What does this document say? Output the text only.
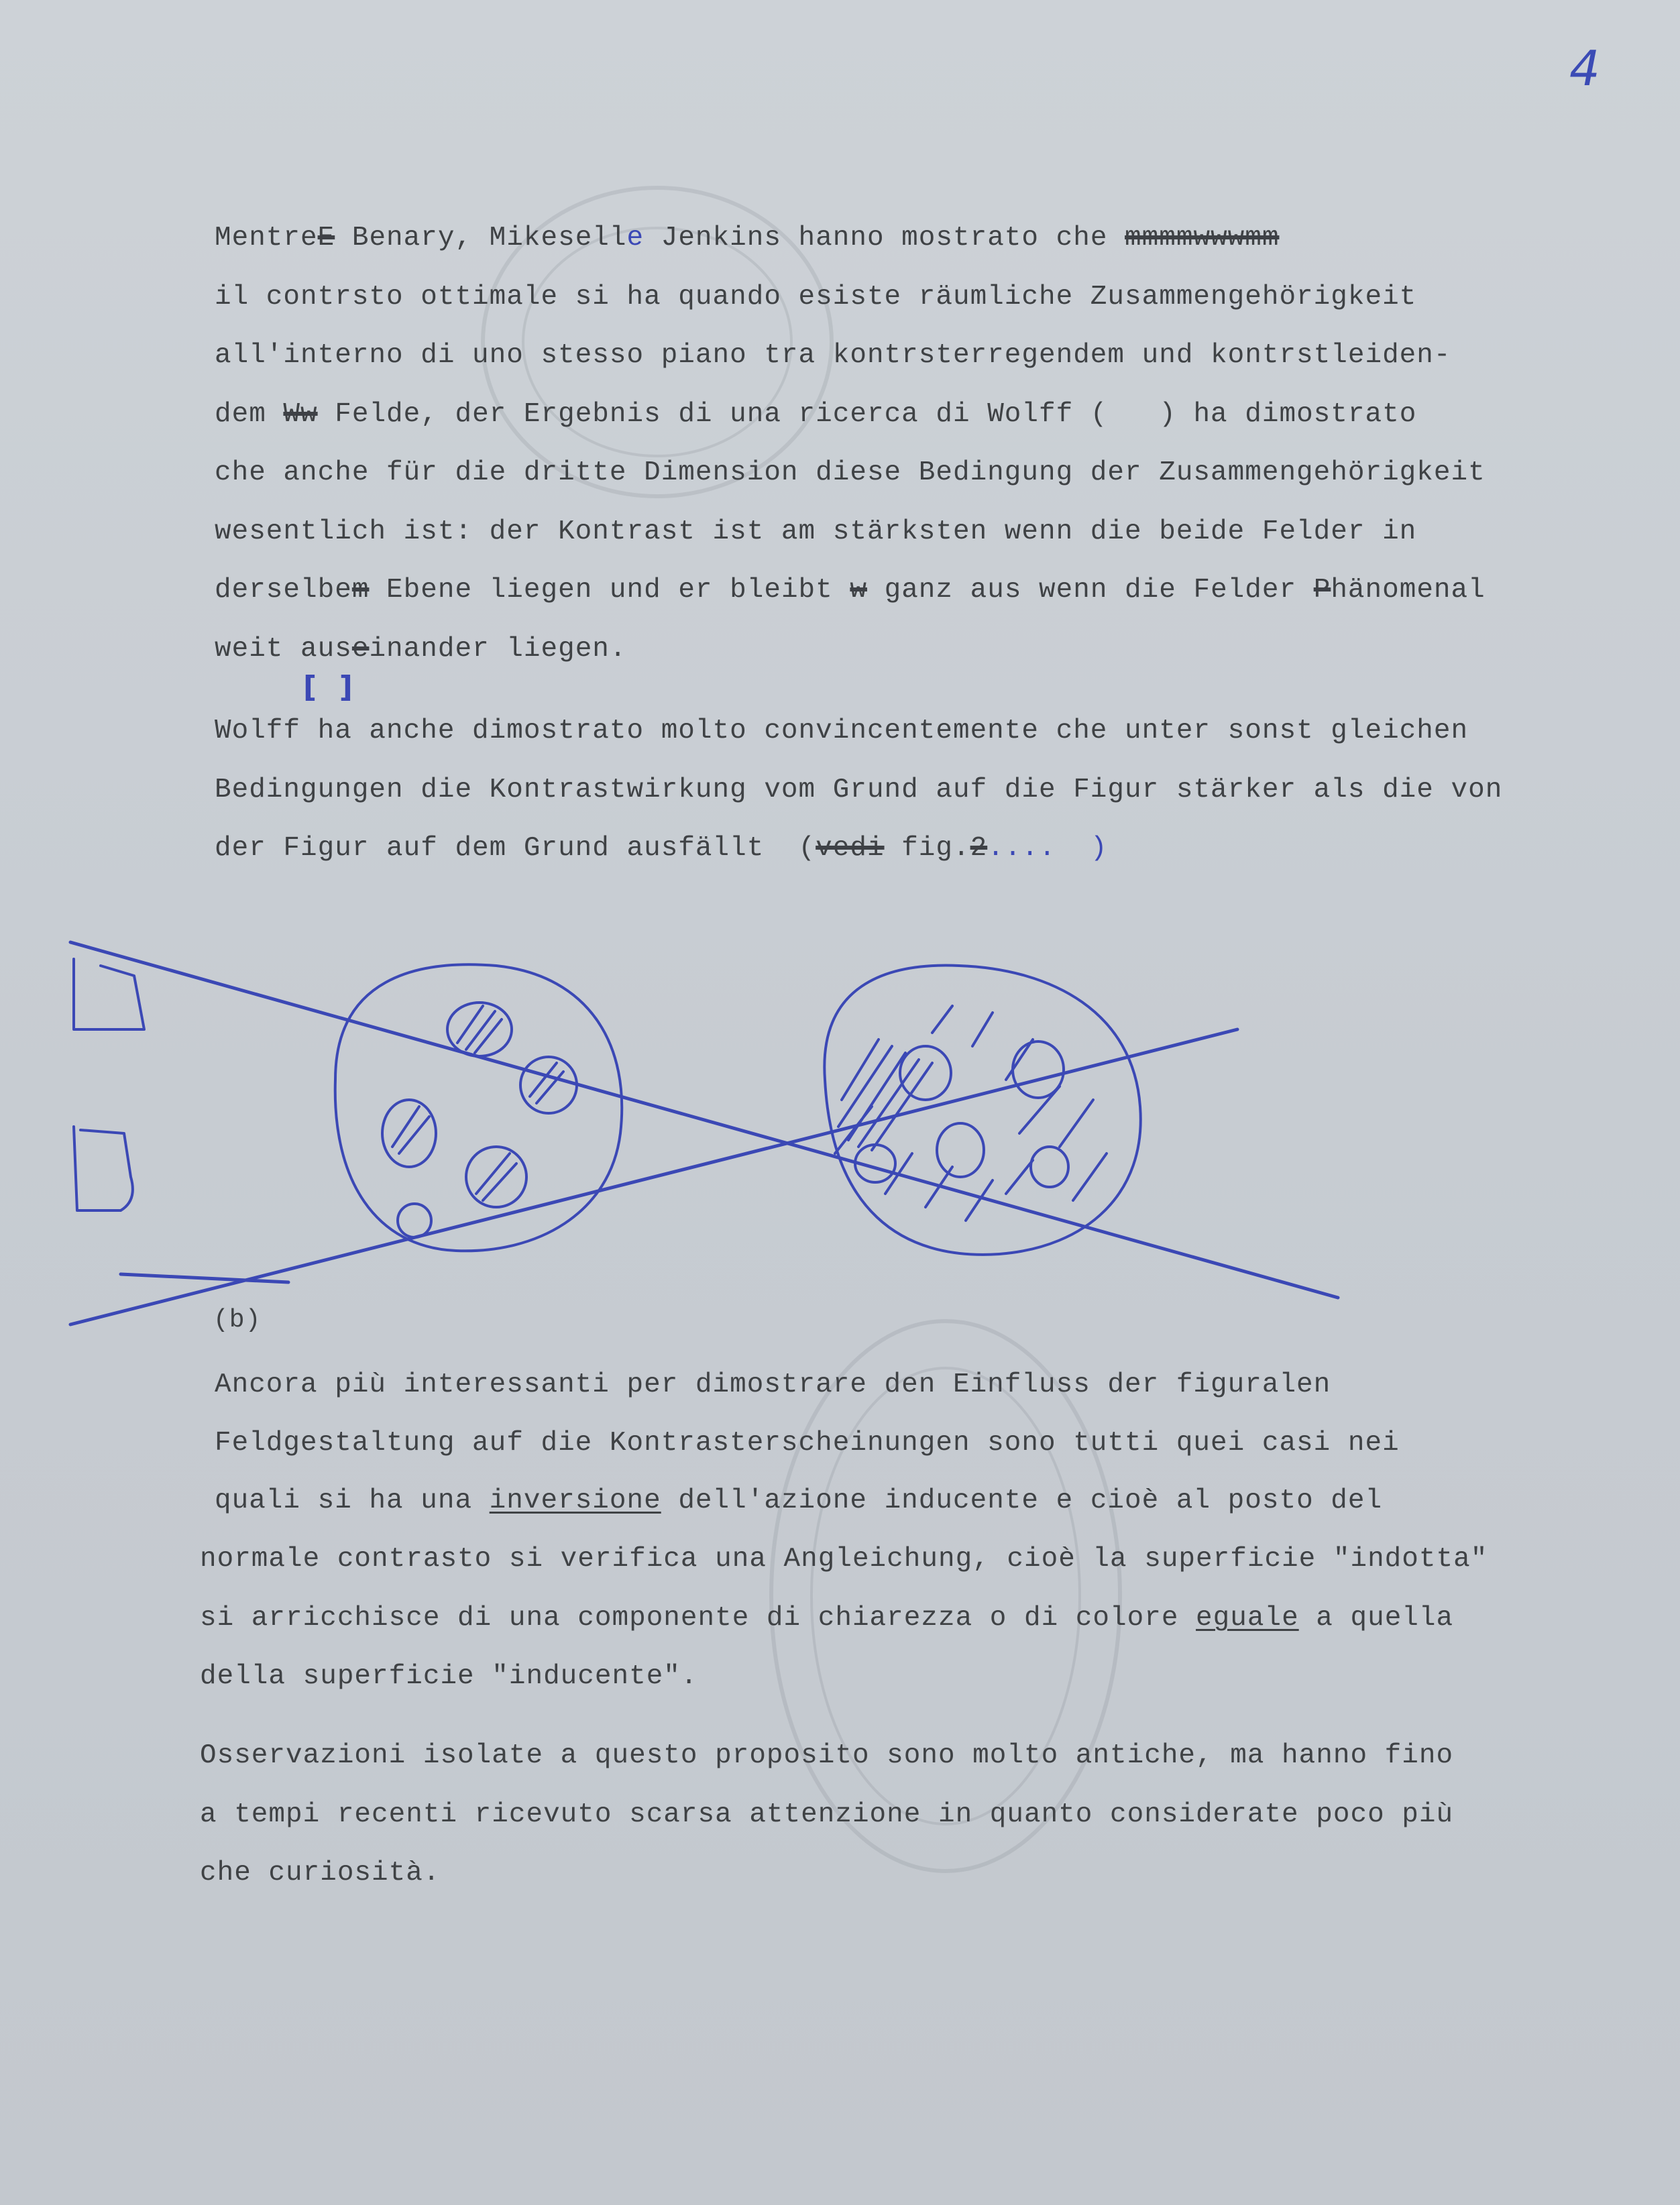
4
MentreE Benary, Mikeselle Jenkins hanno mostrato che mmmmwwwmm
il contrsto ottimale si ha quando esiste räumliche Zusammengehörigkeit
all'interno di uno stesso piano tra kontrsterregendem und kontrstleiden-
dem Ww Felde, der Ergebnis di una ricerca di Wolff (   ) ha dimostrato
che anche für die dritte Dimension diese Bedingung der Zusammengehörigkeit
wesentlich ist: der Kontrast ist am stärksten wenn die beide Felder in
derselbem Ebene liegen und er bleibt w ganz aus wenn die Felder Phänomenal
weit auseinander liegen.
[  ]
Wolff ha anche dimostrato molto convincentemente che unter sonst gleichen
Bedingungen die Kontrastwirkung vom Grund auf die Figur stärker als die von
der Figur auf dem Grund ausfällt  (vedi fig.2....  )
(b)
Ancora più interessanti per dimostrare den Einfluss der figuralen
Feldgestaltung auf die Kontrasterscheinungen sono tutti quei casi nei
quali si ha una inversione dell'azione inducente e cioè al posto del
normale contrasto si verifica una Angleichung, cioè la superficie "indotta"
si arricchisce di una componente di chiarezza o di colore eguale a quella
della superficie "inducente".
Osservazioni isolate a questo proposito sono molto antiche, ma hanno fino
a tempi recenti ricevuto scarsa attenzione in quanto considerate poco più
che curiosità.
